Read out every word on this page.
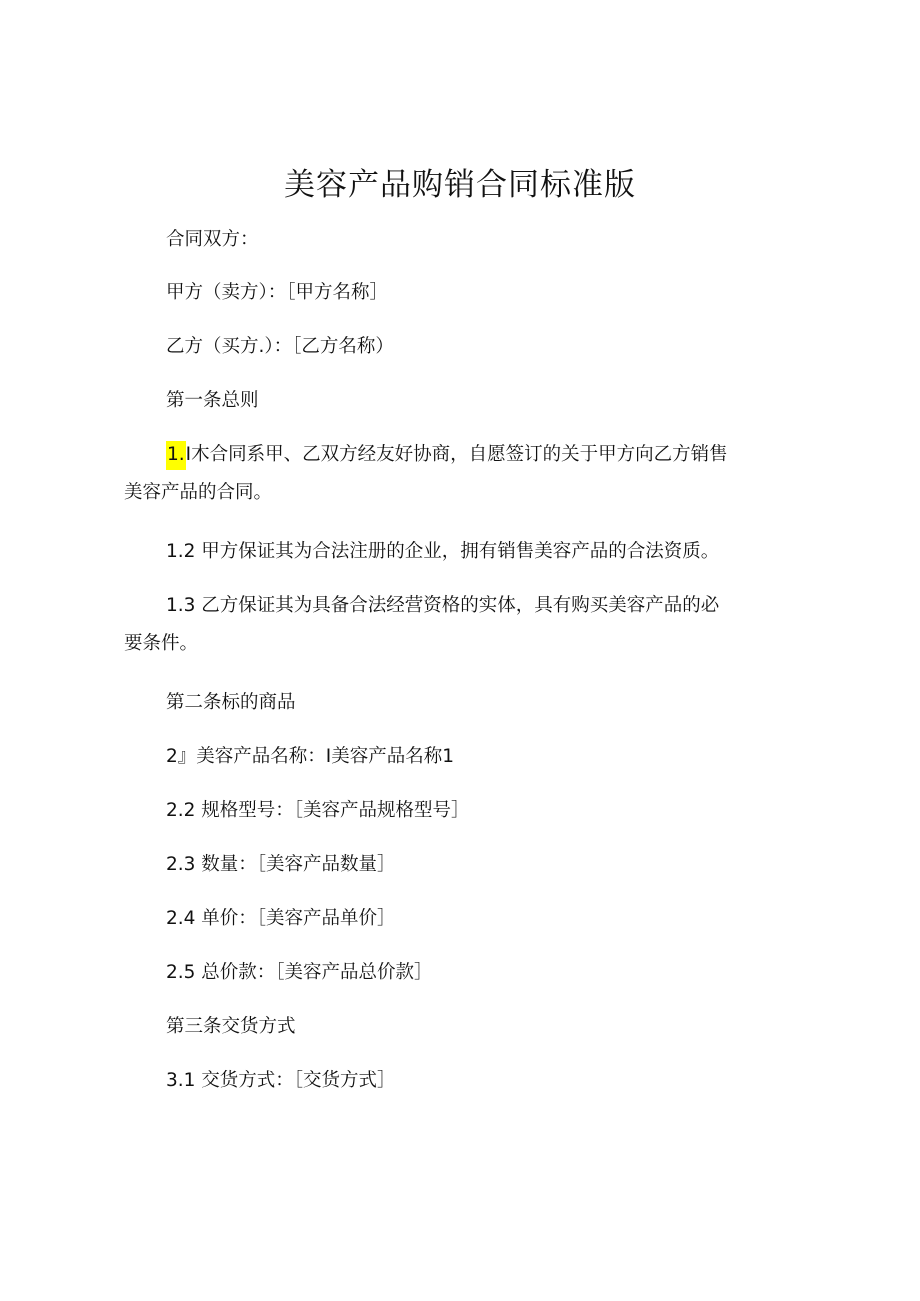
美容产品购销合同标准版

合同双方：

甲方（卖方）：［甲方名称］

乙方（买方.）：［乙方名称）

第一条总则

1.I木合同系甲、乙双方经友好协商，自愿签订的关于甲方向乙方销售
美容产品的合同。

1.2 甲方保证其为合法注册的企业，拥有销售美容产品的合法资质。

1.3 乙方保证其为具备合法经营资格的实体，具有购买美容产品的必
要条件。

第二条标的商品

2』美容产品名称：I美容产品名称1

2.2 规格型号：［美容产品规格型号］

2.3 数量：［美容产品数量］

2.4 单价：［美容产品单价］

2.5 总价款：［美容产品总价款］

第三条交货方式

3.1 交货方式：［交货方式］
